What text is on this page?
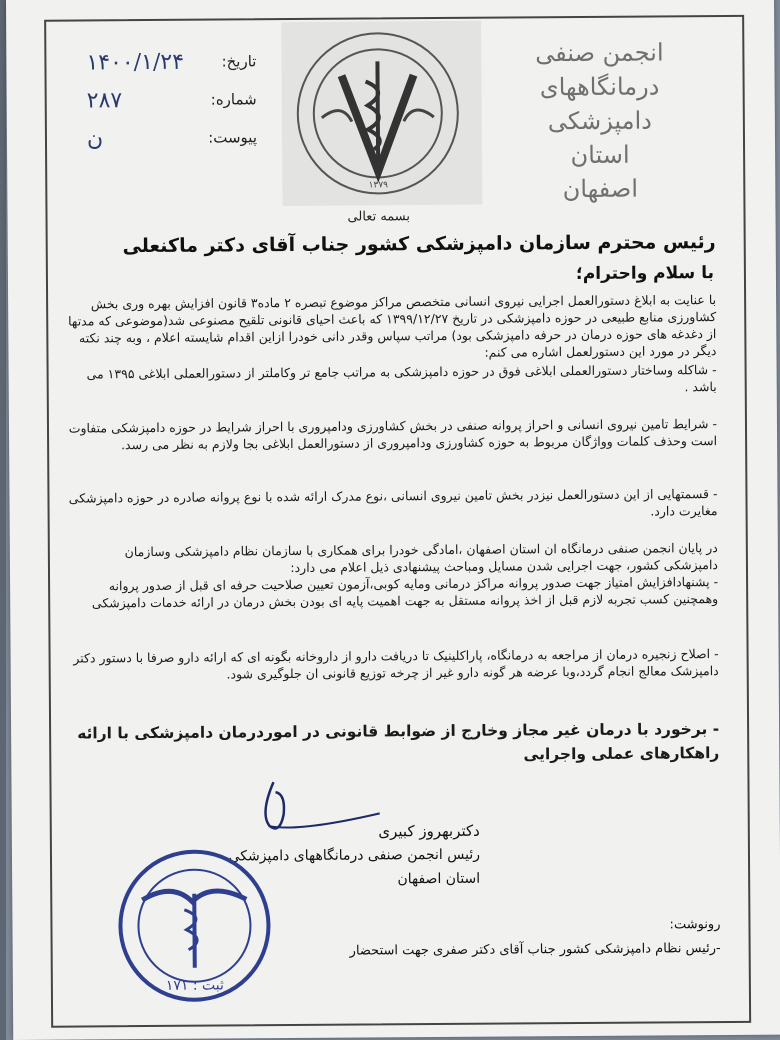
انجمن صنفی
درمانگاههای
دامپزشکی
استان
اصفهان
۱۳۷۹
تاریخ:
۱۴۰۰/۱/۲۴
شماره:
۲۸۷
پیوست:
ن
بسمه تعالی
رئیس محترم سازمان دامپزشکی کشور جناب آقای دکتر ماکنعلی
با سلام واحترام؛
با عنایت به ابلاغ دستورالعمل اجرایی نیروی انسانی متخصص مراکز موضوع تبصره ۲ ماده۳ قانون افزایش بهره وری بخش کشاورزی منابع طبیعی در حوزه دامپزشکی در تاریخ ۱۳۹۹/۱۲/۲۷ که باعث احیای قانونی تلقیح مصنوعی شد(موضوعی که مدتها از دغدغه های حوزه درمان در حرفه دامپزشکی بود) مراتب سپاس وقدر دانی خودرا ازاین اقدام شایسته اعلام ، وبه چند نکته دیگر در مورد این دستورلعمل اشاره می کنم:
- شاکله وساختار دستورالعملی ابلاغی فوق در حوزه دامپزشکی به مراتب جامع تر وکاملتر از دستورالعملی ابلاغی ۱۳۹۵ می باشد .
- شرایط تامین نیروی انسانی و احراز پروانه صنفی در بخش کشاورزی ودامپروری با احراز شرایط در حوزه دامپزشکی متفاوت است وحذف کلمات وواژگان مربوط به حوزه کشاورزی ودامپروری از دستورالعمل ابلاغی بجا ولازم به نظر می رسد.
- قسمتهایی از این دستورالعمل نیزدر بخش تامین نیروی انسانی ،نوع مدرک ارائه شده با نوع پروانه صادره در حوزه دامپزشکی مغایرت دارد.
در پایان انجمن صنفی درمانگاه ان استان اصفهان ،امادگی خودرا برای همکاری با سازمان نظام دامپزشکی وسازمان دامپزشکی کشور، جهت اجرایی شدن مسایل ومباحث پیشنهادی ذیل اعلام می دارد:
- پشنهادافزایش امتیاز جهت صدور پروانه مراکز درمانی ومایه کوبی،آزمون تعیین صلاحیت حرفه ای قبل از صدور پروانه وهمچنین کسب تجربه لازم قبل از اخذ پروانه مستقل به جهت اهمیت پایه ای بودن بخش درمان در ارائه خدمات دامپزشکی
- اصلاح زنجیره درمان از مراجعه به درمانگاه، پاراکلینیک تا دریافت دارو از داروخانه بگونه ای که ارائه دارو صرفا با دستور دکتر دامپزشک معالج انجام گردد،وبا عرضه هر گونه دارو غیر از چرخه توزیع قانونی ان جلوگیری شود.
- برخورد با درمان غیر مجاز وخارج از ضوابط قانونی در اموردرمان دامپزشکی با ارائه راهکارهای عملی واجرایی
دکتربهروز کبیری
رئیس انجمن صنفی درمانگاههای دامپزشکی استان اصفهان
ثبت : ۱۷۱
رونوشت:
-رئیس نظام دامپزشکی کشور جناب آقای دکتر صفری جهت استحضار
